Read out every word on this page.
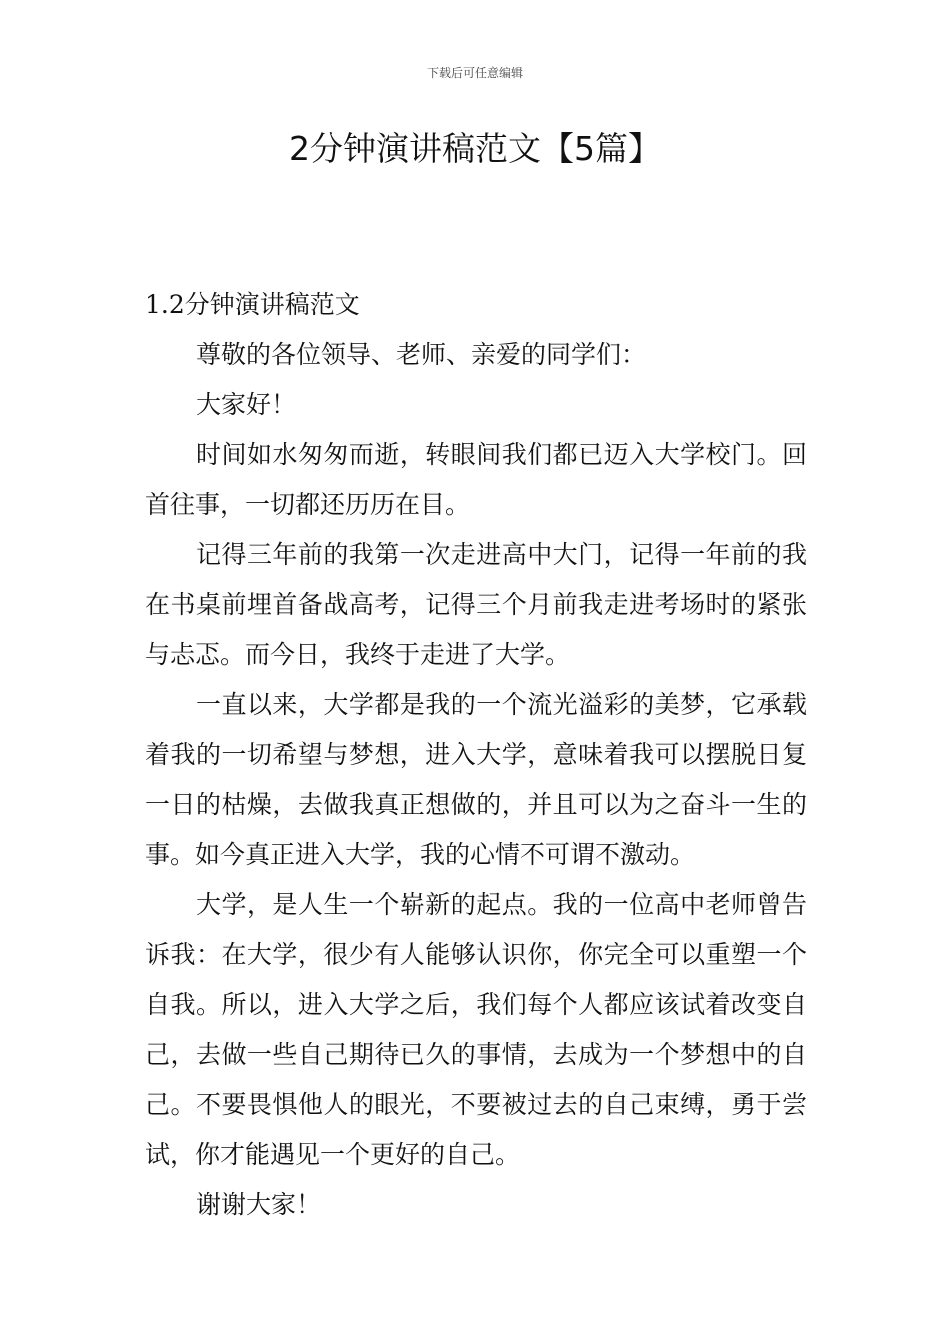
下载后可任意编辑
2分钟演讲稿范文【5篇】

1.2分钟演讲稿范文

尊敬的各位领导、老师、亲爱的同学们：

大家好！

时间如水匆匆而逝，转眼间我们都已迈入大学校门。回首往事，一切都还历历在目。

记得三年前的我第一次走进高中大门，记得一年前的我在书桌前埋首备战高考，记得三个月前我走进考场时的紧张与忐忑。而今日，我终于走进了大学。

一直以来，大学都是我的一个流光溢彩的美梦，它承载着我的一切希望与梦想，进入大学，意味着我可以摆脱日复一日的枯燥，去做我真正想做的，并且可以为之奋斗一生的事。如今真正进入大学，我的心情不可谓不激动。

大学，是人生一个崭新的起点。我的一位高中老师曾告诉我：在大学，很少有人能够认识你，你完全可以重塑一个自我。所以，进入大学之后，我们每个人都应该试着改变自己，去做一些自己期待已久的事情，去成为一个梦想中的自己。不要畏惧他人的眼光，不要被过去的自己束缚，勇于尝试，你才能遇见一个更好的自己。

谢谢大家！
